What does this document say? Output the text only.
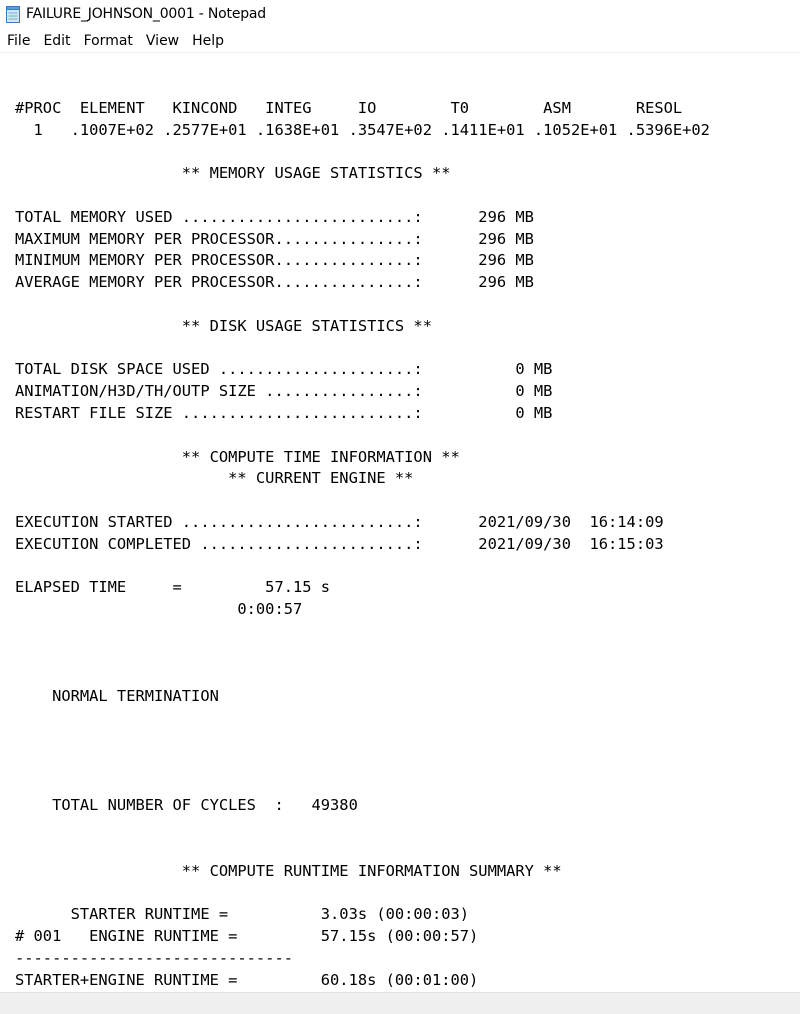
FAILURE_JOHNSON_0001 - Notepad
File Edit Format View Help
#PROC  ELEMENT   KINCOND   INTEG     IO        T0        ASM       RESOL
1   .1007E+02 .2577E+01 .1638E+01 .3547E+02 .1411E+01 .1052E+01 .5396E+02
** MEMORY USAGE STATISTICS **
TOTAL MEMORY USED .........................:      296 MB
MAXIMUM MEMORY PER PROCESSOR...............:      296 MB
MINIMUM MEMORY PER PROCESSOR...............:      296 MB
AVERAGE MEMORY PER PROCESSOR...............:      296 MB
** DISK USAGE STATISTICS **
TOTAL DISK SPACE USED .....................:          0 MB
ANIMATION/H3D/TH/OUTP SIZE ................:          0 MB
RESTART FILE SIZE .........................:          0 MB
** COMPUTE TIME INFORMATION **
** CURRENT ENGINE **
EXECUTION STARTED .........................:      2021/09/30  16:14:09
EXECUTION COMPLETED .......................:      2021/09/30  16:15:03
ELAPSED TIME     =         57.15 s
0:00:57
NORMAL TERMINATION
TOTAL NUMBER OF CYCLES  :   49380
** COMPUTE RUNTIME INFORMATION SUMMARY **
STARTER RUNTIME =          3.03s (00:00:03)
# 001   ENGINE RUNTIME =         57.15s (00:00:57)
------------------------------
STARTER+ENGINE RUNTIME =         60.18s (00:01:00)
